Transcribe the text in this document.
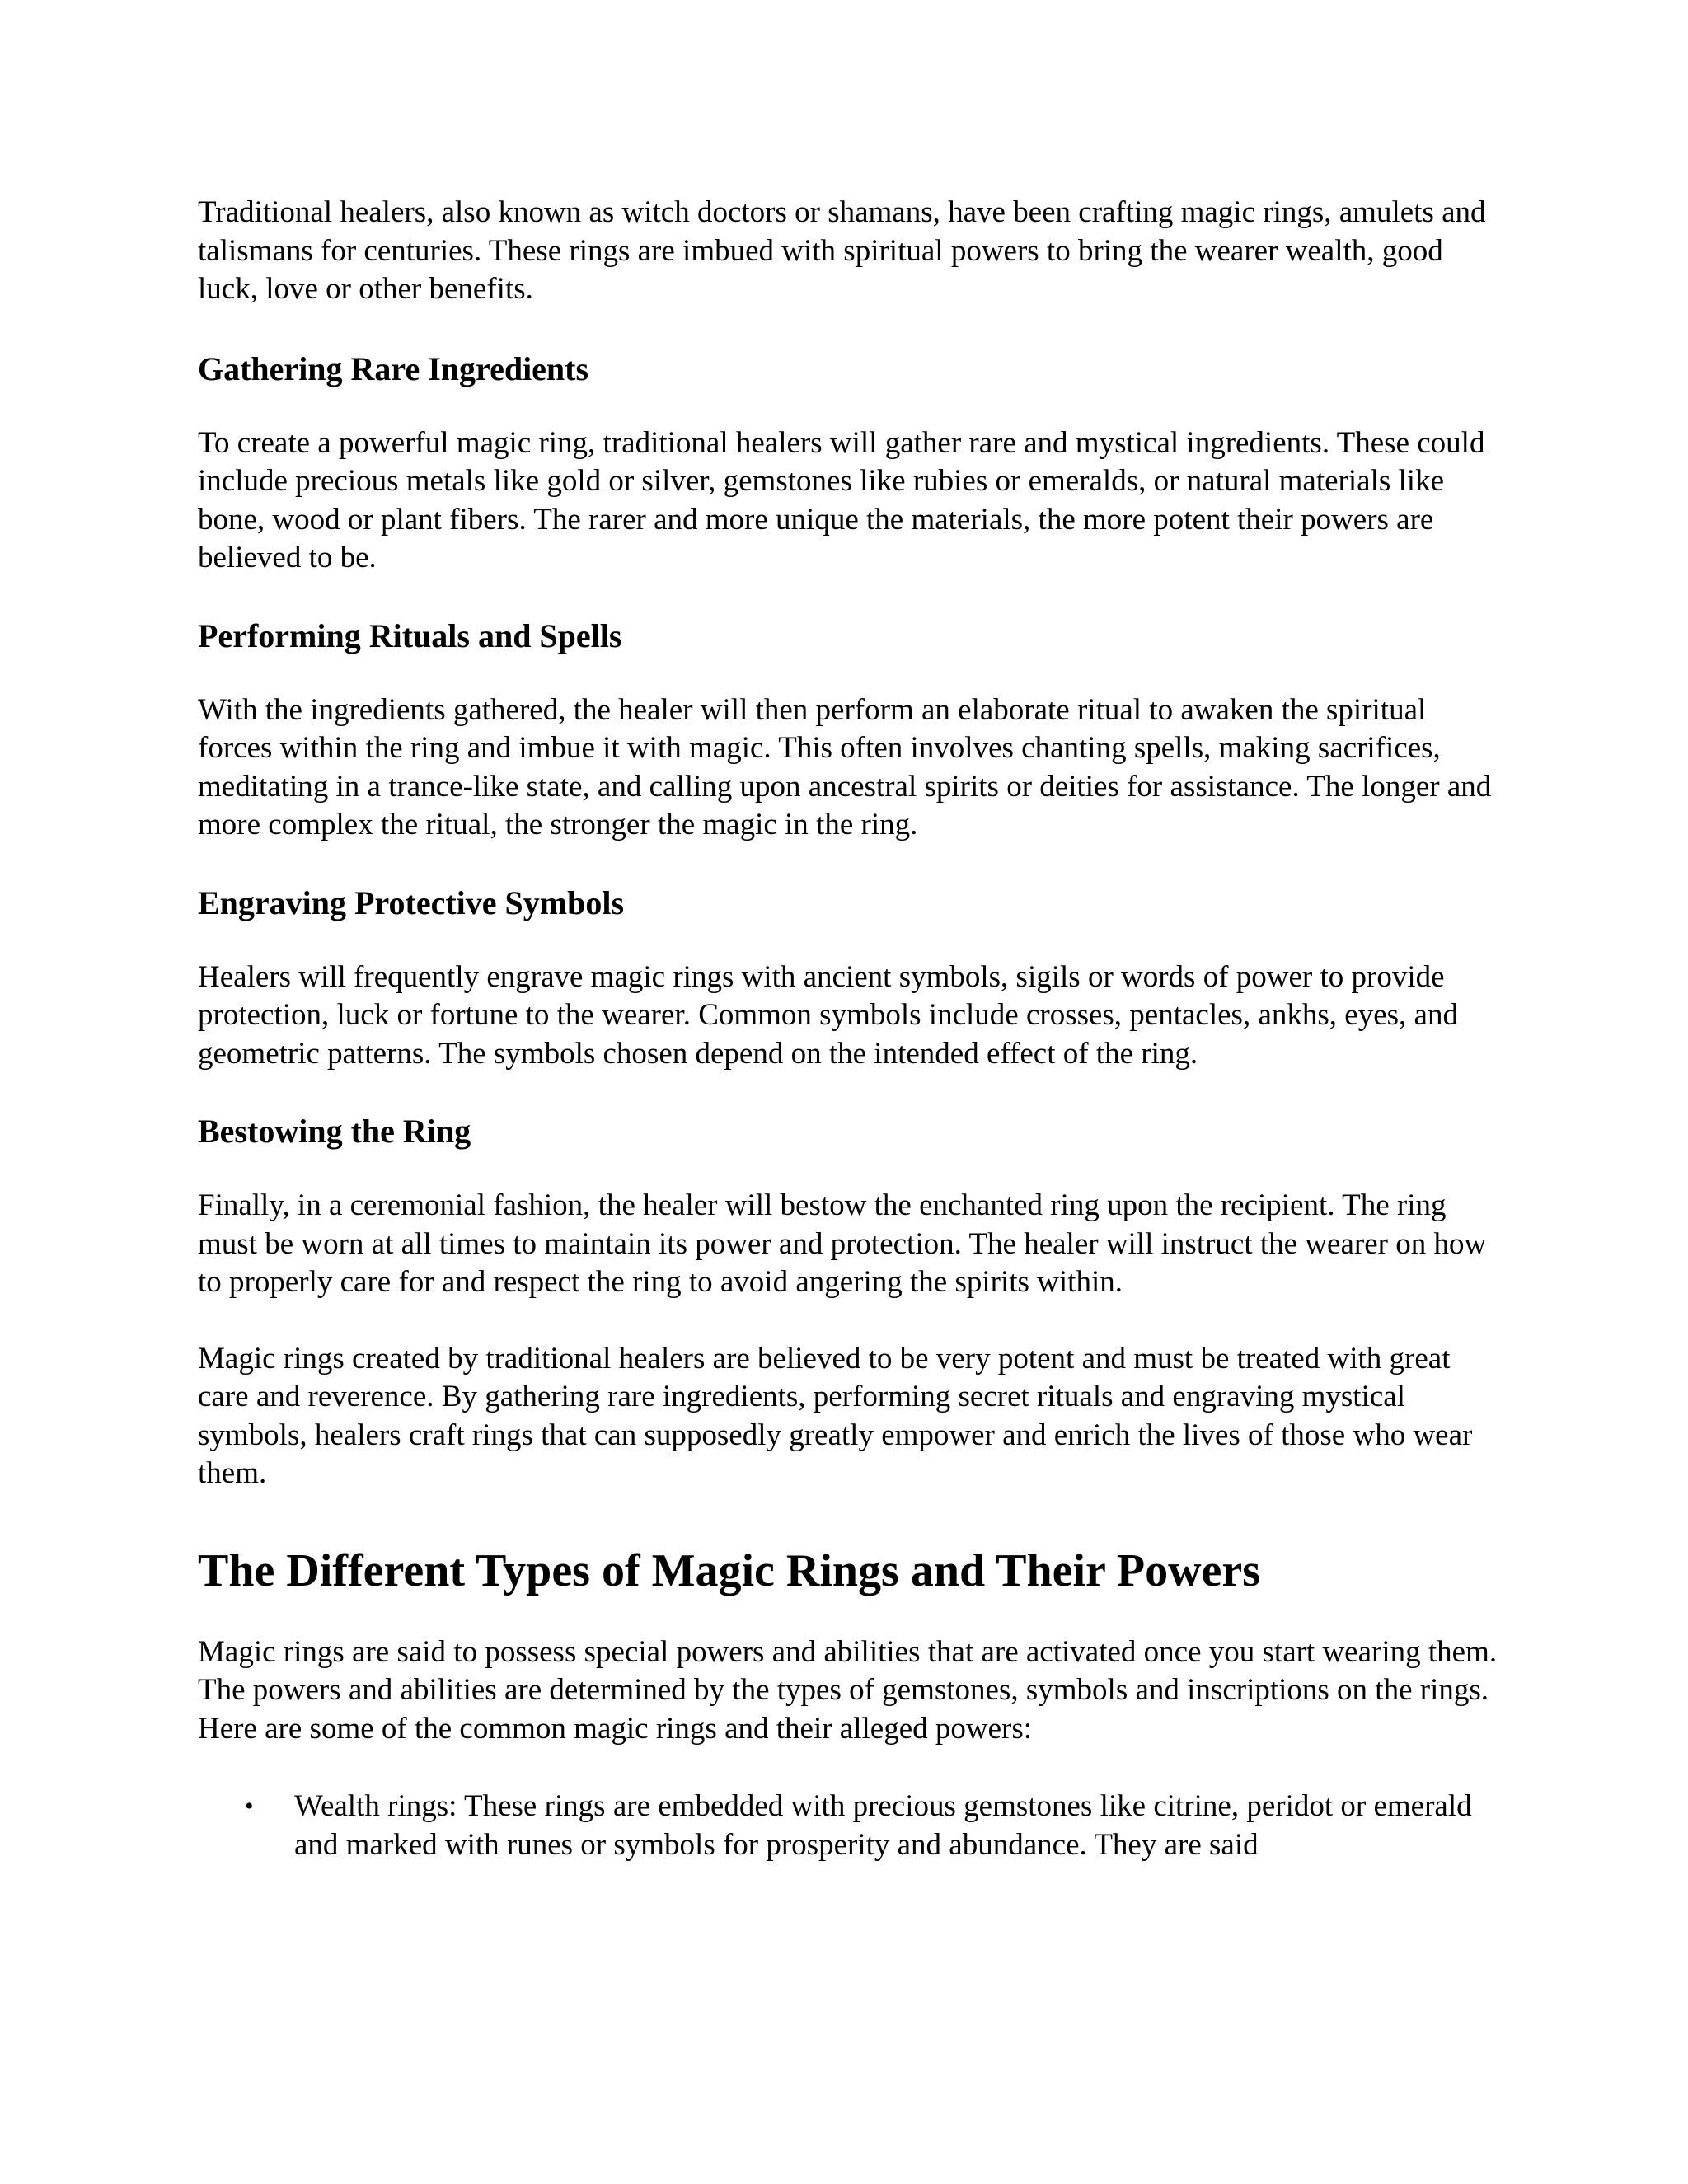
Traditional healers, also known as witch doctors or shamans, have been crafting magic rings, amulets and talismans for centuries. These rings are imbued with spiritual powers to bring the wearer wealth, good luck, love or other benefits.

Gathering Rare Ingredients

To create a powerful magic ring, traditional healers will gather rare and mystical ingredients. These could include precious metals like gold or silver, gemstones like rubies or emeralds, or natural materials like bone, wood or plant fibers. The rarer and more unique the materials, the more potent their powers are believed to be.

Performing Rituals and Spells

With the ingredients gathered, the healer will then perform an elaborate ritual to awaken the spiritual forces within the ring and imbue it with magic. This often involves chanting spells, making sacrifices, meditating in a trance-like state, and calling upon ancestral spirits or deities for assistance. The longer and more complex the ritual, the stronger the magic in the ring.

Engraving Protective Symbols

Healers will frequently engrave magic rings with ancient symbols, sigils or words of power to provide protection, luck or fortune to the wearer. Common symbols include crosses, pentacles, ankhs, eyes, and geometric patterns. The symbols chosen depend on the intended effect of the ring.

Bestowing the Ring

Finally, in a ceremonial fashion, the healer will bestow the enchanted ring upon the recipient. The ring must be worn at all times to maintain its power and protection. The healer will instruct the wearer on how to properly care for and respect the ring to avoid angering the spirits within.

Magic rings created by traditional healers are believed to be very potent and must be treated with great care and reverence. By gathering rare ingredients, performing secret rituals and engraving mystical symbols, healers craft rings that can supposedly greatly empower and enrich the lives of those who wear them.

The Different Types of Magic Rings and Their Powers

Magic rings are said to possess special powers and abilities that are activated once you start wearing them. The powers and abilities are determined by the types of gemstones, symbols and inscriptions on the rings. Here are some of the common magic rings and their alleged powers:

• Wealth rings: These rings are embedded with precious gemstones like citrine, peridot or emerald and marked with runes or symbols for prosperity and abundance. They are said
